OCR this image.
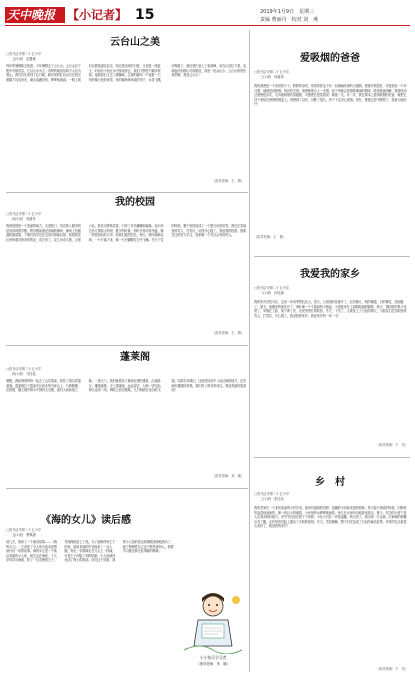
天中晚报 【小记者】 15	2019年1月9日　星期三
责编 曹丽丹　校对 刘　燕
云台山之美
□驻马店市第二十五小学
五(5)班　赵馨雅
每年的暑假都去旅游，今年暑假去了云台山。云台山位于焦作市修武县，它以山水为主，奇特的地质结构令人叹为观止。我们首先来到了红石峡，峡谷里的红色岩石在阳光照耀下闪闪发光，溪水清澈见底，哗哗地流淌。一路上我们沿着栈道往前走，两边是高高的石壁，头顶是一线蓝天，时而有小鱼在水中游来游去，我们不禁停下脚步观看。接着我们又去了潭瀑峡，这里的瀑布一个接着一个，有的像白色的丝带，有的像珍珠串成的帘子，水花飞溅，凉爽极了。最后我们登上了茱萸峰，站在山顶往下看，连绵起伏的群山尽收眼底，真是一览众山小。云台山的景色真美啊，我爱云台山！
（指导老师：王　倩）
我的校园
□驻马店市第二十五小学
四(5)班　徐潇彤
我的校园是一个美丽的地方。走进校门，首先映入眼帘的是高高的教学楼，教学楼前面是宽阔的操场，操场上有跑道和篮球架，下课后同学们在这里尽情地玩耍。校园的花坛里种着各种各样的花，春天来了，花儿争奇斗艳，五颜六色，散发出阵阵清香，引来了许多蝴蝶和蜜蜂。花坛旁边有几棵高大的树，夏天的时候，树叶长得非常茂盛，像一把把绿色的大伞，给我们遮挡烈日。秋天，树叶渐渐变黄，一片片落下来，像一只只蝴蝶在空中飞舞。冬天下雪的时候，整个校园变成了一个银白色的世界，我们在雪地里堆雪人、打雪仗，玩得开心极了。我爱我的校园，我要在这里努力学习，将来做一个对社会有用的人。
（指导老师：王　倩）
蓬莱阁
□驻马店市第二十五小学
四(1)班　马佳铭
暑假，我和爸爸妈妈一起去了山东蓬莱，游览了著名的蓬莱阁。蓬莱阁位于蓬莱市区西北的丹崖山上，与黄鹤楼、岳阳楼、滕王阁并称为中国四大名楼，素有人间仙境之称。一进大门，我们就看到了雄伟壮观的建筑，红墙绿瓦，雕梁画栋。走上蓬莱阁，远远望去，大海一望无际，海天连成一线，海面上波光粼粼，几只海鸥在自由地飞翔。导游告诉我们，这里是传说中八仙过海的地方，还有海市蜃楼的奇观。我们听了都非常向往。我爱美丽的蓬莱阁！
（指导老师：刘　敏）
《海的女儿》读后感
□驻马店市第二十五小学
五(1)班　曹佩涵
前几天，我读了一个童话故事——《海的女儿》，它讲述了小人鱼为追求爱情而付出一切的故事。海的女儿是一个纯洁美丽的小人鱼，她生活在海底，十五岁时浮出海面，救了一位英俊的王子，并深深地爱上了他。为了能够得到王子的爱，她用美丽的声音换来了一双人腿，每走一步都像走在刀尖上一样痛。可是王子却娶了别的姑娘，小人鱼最终化成了海上的泡沫。读完这个故事，我被小人鱼的善良和勇敢深深地感动了，她宁愿牺牲自己也不愿伤害别人。我要学习她这种无私奉献的精神。
小小快乐学习者
（指导老师：李　娜）
爱吸烟的爸爸
□驻马店市第二十五小学
三(1)班　徐嘉琪
我的爸爸是一个高高的个子，胖胖的身材，浓浓的眉毛下有一双炯炯有神的大眼睛。爸爸对我很好，可是他有一个坏习惯，那就是爱吸烟。每次吃完饭，爸爸都要点上一支烟，屋子里就会弥漫着难闻的烟味，呛得我直咳嗽。我曾经劝过爸爸很多次，告诉他吸烟有害健康，可爸爸总是笑着说：就抽一支。有一次，我在课本上看到吸烟的危害，就把它抄下来贴在爸爸的烟盒上。爸爸看了以后，沉默了很久，终于下定决心戒烟。现在，爸爸已经不吸烟了，我真为他高兴！
（指导老师：王　倩）
我爱我的家乡
□驻马店市第二十五小学
二(1)班　孙钰涵
我的家乡在驻马店，这里一年四季景色宜人。春天，公园里的花都开了，红的像火，粉的像霞，白的像雪，美丽极了。夏天，池塘里的荷花开了，荷叶像一个个碧绿的大圆盘，小青蛙坐在上面呱呱地唱着歌。秋天，果园里的果子成熟了，苹果红了脸，梨子黄了皮，农民伯伯忙着收获。冬天，下雪了，大地穿上了白色的棉衣，小朋友们在雪地里堆雪人、打雪仗，开心极了。我爱我的家乡，我爱家乡的一草一木！
（指导老师：于　洋）
乡　村
□驻马店市第二十五小学
三(1)班　张佳怡
我的老家在一个非常美丽的小村庄里。那里有碧绿的田野、清澈的小河和茂密的树林。每当春天来临的时候，田野里的麦苗绿油油的，像一块巨大的地毯，小河里的水哗哗地流着，鱼儿在水里快乐地游来游去。夏天，村边的大树下是人们乘凉的好地方，老爷爷们坐在树下下象棋，小孩子们在一旁捉迷藏。秋天到了，稻田里一片金黄，沉甸甸的稻穗压弯了腰，农民伯伯们脸上露出了丰收的喜悦。冬天，雪花飘飘，整个村庄变成了白色的童话世界。乡村的生活真是太美好了，我爱我的家乡！
（指导老师：于　洋）
